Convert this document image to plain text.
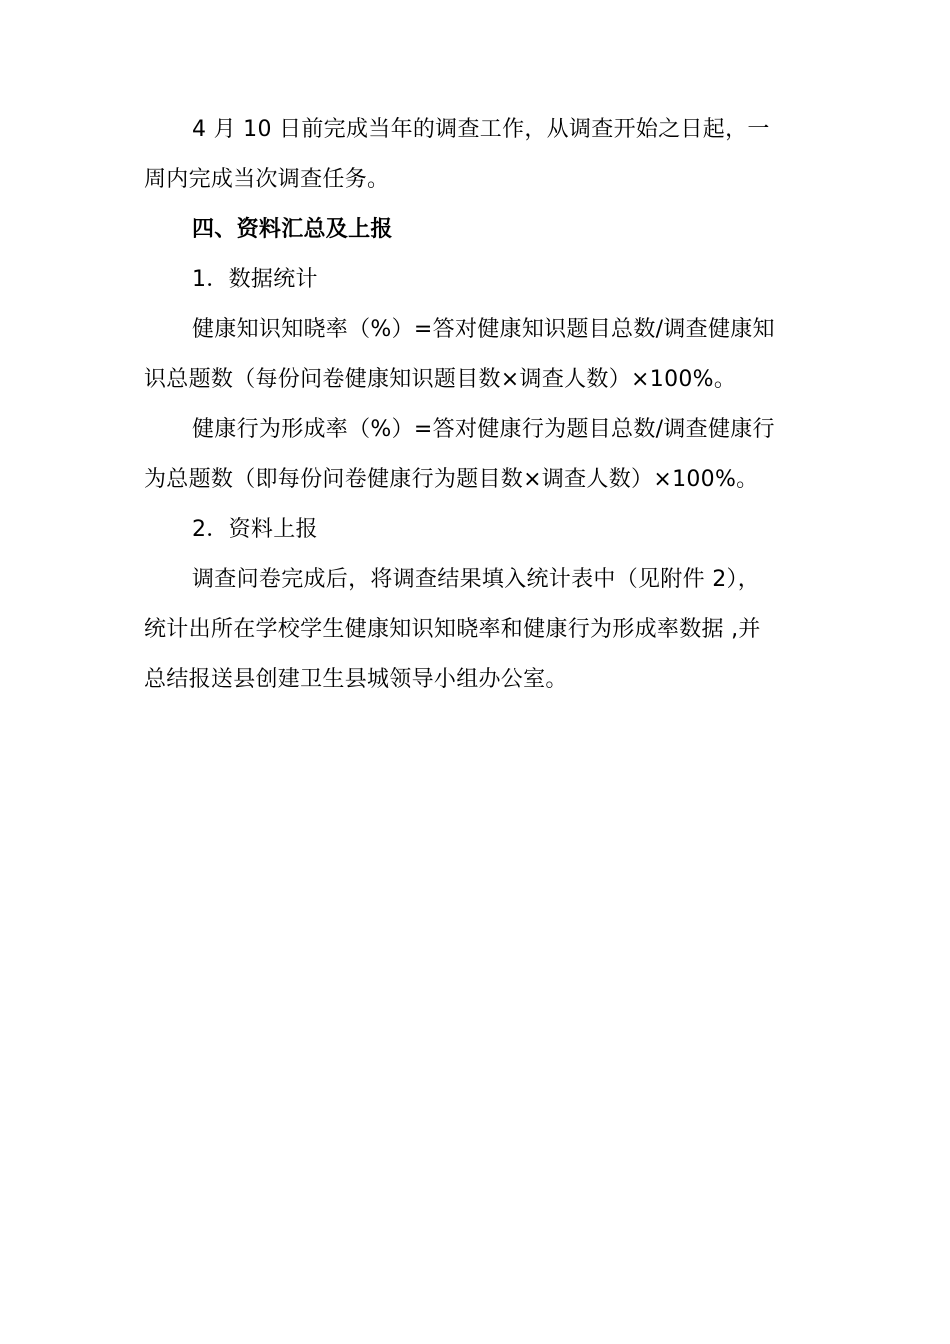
4 月 10 日前完成当年的调查工作，从调查开始之日起，一
周内完成当次调查任务。
四、资料汇总及上报
1．数据统计
健康知识知晓率（%）=答对健康知识题目总数/调查健康知
识总题数（每份问卷健康知识题目数×调查人数）×100%。
健康行为形成率（%）=答对健康行为题目总数/调查健康行
为总题数（即每份问卷健康行为题目数×调查人数）×100%。
2．资料上报
调查问卷完成后，将调查结果填入统计表中（见附件 2），
统计出所在学校学生健康知识知晓率和健康行为形成率数据 ,并
总结报送县创建卫生县城领导小组办公室。
